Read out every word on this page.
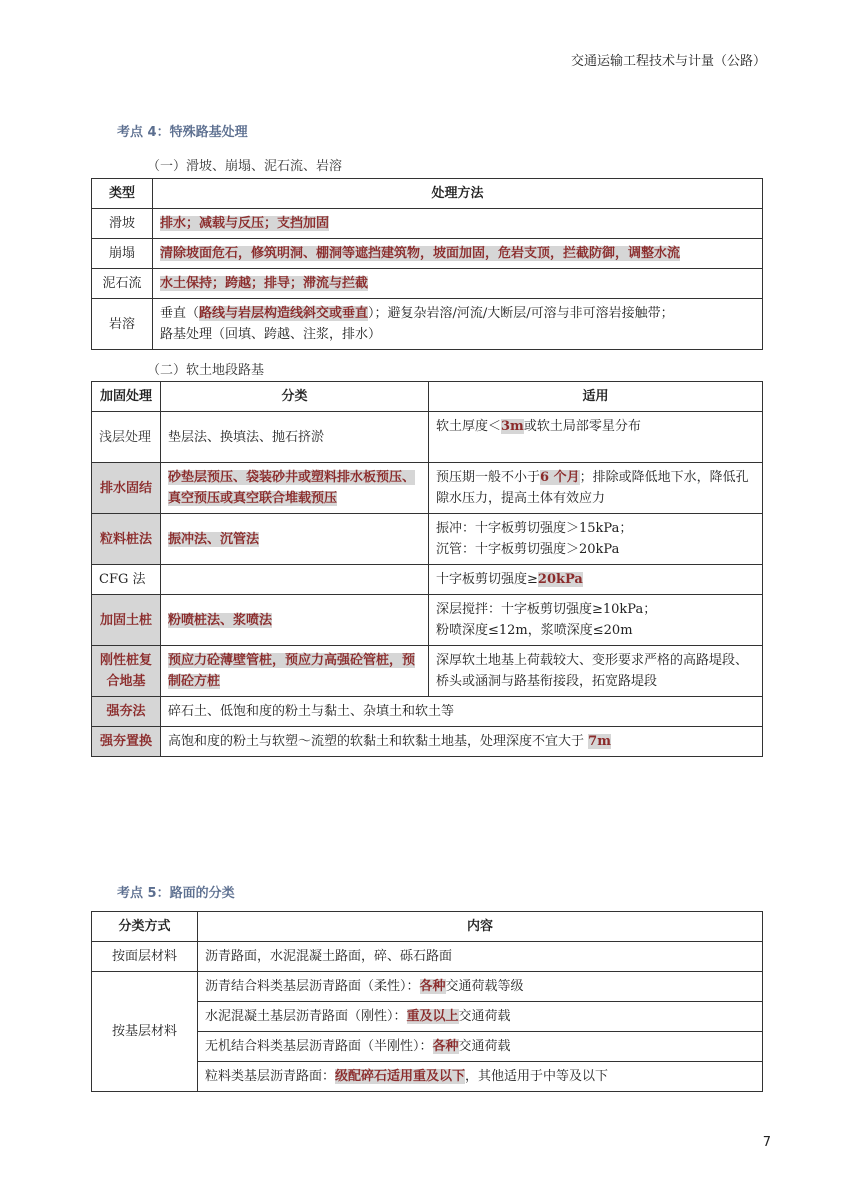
交通运输工程技术与计量（公路）
考点 4：特殊路基处理
（一）滑坡、崩塌、泥石流、岩溶
类型	处理方法
滑坡	排水；减载与反压；支挡加固
崩塌	清除坡面危石，修筑明洞、棚洞等遮挡建筑物，坡面加固，危岩支顶，拦截防御，调整水流
泥石流	水土保持；跨越；排导；滞流与拦截
岩溶	垂直（路线与岩层构造线斜交或垂直）；避复杂岩溶/河流/大断层/可溶与非可溶岩接触带；
路基处理（回填、跨越、注浆，排水）
（二）软土地段路基
加固处理	分类	适用
浅层处理	垫层法、换填法、抛石挤淤	软土厚度＜3m或软土局部零星分布

排水固结	砂垫层预压、袋装砂井或塑料排水板预压、真空预压或真空联合堆载预压	预压期一般不小于6 个月；排除或降低地下水，降低孔隙水压力，提高土体有效应力
粒料桩法	振冲法、沉管法	振冲：十字板剪切强度＞15kPa；
沉管：十字板剪切强度＞20kPa
CFG 法		十字板剪切强度≥20kPa
加固土桩	粉喷桩法、浆喷法	深层搅拌：十字板剪切强度≥10kPa；
粉喷深度≤12m，浆喷深度≤20m
刚性桩复合地基	预应力砼薄壁管桩，预应力高强砼管桩，预制砼方桩	深厚软土地基上荷载较大、变形要求严格的高路堤段、桥头或涵洞与路基衔接段，拓宽路堤段
强夯法	碎石土、低饱和度的粉土与黏土、杂填土和软土等	
强夯置换	高饱和度的粉土与软塑～流塑的软黏土和软黏土地基，处理深度不宜大于 7m	
考点 5：路面的分类
分类方式	内容
按面层材料	沥青路面，水泥混凝土路面，碎、砾石路面
按基层材料	沥青结合料类基层沥青路面（柔性）：各种交通荷载等级
	水泥混凝土基层沥青路面（刚性）：重及以上交通荷载
	无机结合料类基层沥青路面（半刚性）：各种交通荷载
	粒料类基层沥青路面：级配碎石适用重及以下，其他适用于中等及以下
7
